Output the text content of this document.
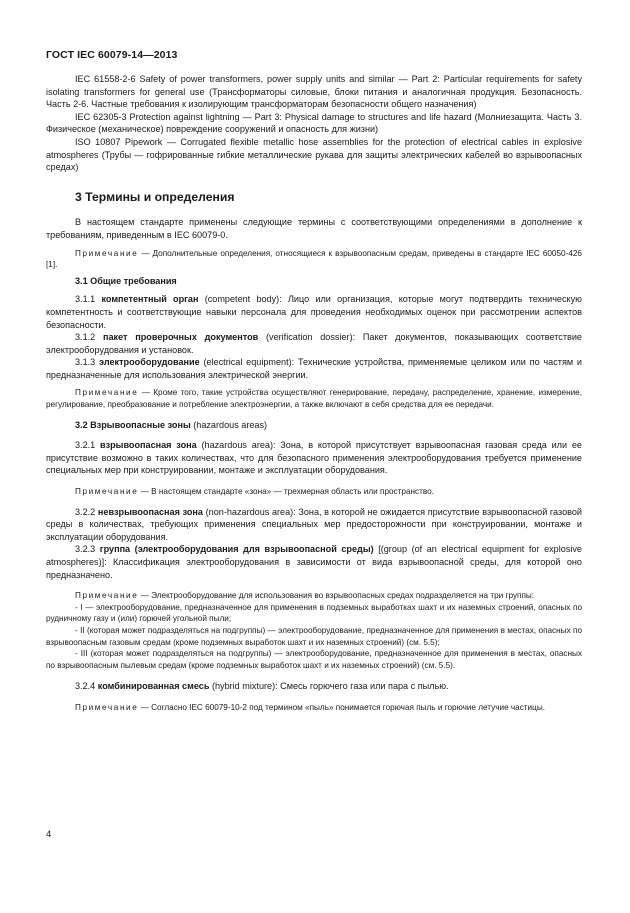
ГОСТ IEC 60079-14—2013

IEC 61558-2-6 Safety of power transformers, power supply units and similar — Part 2: Particular requirements for safety isolating transformers for general use (Трансформаторы силовые, блоки питания и аналогичная продукция. Безопасность. Часть 2-6. Частные требования к изолирующим трансформаторам безопасности общего назначения)

IEC 62305-3 Protection against lightning — Part 3: Physical damage to structures and life hazard (Молниезащита. Часть 3. Физическое (механическое) повреждение сооружений и опасность для жизни)

ISO 10807 Pipework — Corrugated flexible metallic hose assemblies for the protection of electrical cables in explosive atmospheres (Трубы — гофрированные гибкие металлические рукава для защиты электрических кабелей во взрывоопасных средах)

3 Термины и определения

В настоящем стандарте применены следующие термины с соответствующими определениями в дополнение к требованиям, приведенным в IEC 60079-0.

Примечание — Дополнительные определения, относящиеся к взрывоопасным средам, приведены в стандарте IEC 60050-426 [1].

3.1 Общие требования

3.1.1 компетентный орган (competent body): Лицо или организация, которые могут подтвердить техническую компетентность и соответствующие навыки персонала для проведения необходимых оценок при рассмотрении аспектов безопасности.

3.1.2 пакет проверочных документов (verification dossier): Пакет документов, показывающих соответствие электрооборудования и установок.

3.1.3 электрооборудование (electrical equipment): Технические устройства, применяемые целиком или по частям и предназначенные для использования электрической энергии.

Примечание — Кроме того, такие устройства осуществляют генерирование, передачу, распределение, хранение, измерение, регулирование, преобразование и потребление электроэнергии, а также включают в себя средства для ее передачи.

3.2 Взрывоопасные зоны (hazardous areas)

3.2.1 взрывоопасная зона (hazardous area): Зона, в которой присутствует взрывоопасная газовая среда или ее присутствие возможно в таких количествах, что для безопасного применения электрооборудования требуется применение специальных мер при конструировании, монтаже и эксплуатации оборудования.

Примечание — В настоящем стандарте «зона» — трехмерная область или пространство.

3.2.2 невзрывоопасная зона (non-hazardous area): Зона, в которой не ожидается присутствие взрывоопасной газовой среды в количествах, требующих применения специальных мер предосторожности при конструировании, монтаже и эксплуатации оборудования.

3.2.3 группа (электрооборудования для взрывоопасной среды) [(group (of an electrical equipment for explosive atmospheres)]: Классификация электрооборудования в зависимости от вида взрывоопасной среды, для которой оно предназначено.

Примечание — Электрооборудование для использования во взрывоопасных средах подразделяется на три группы:

- I — электрооборудование, предназначенное для применения в подземных выработках шахт и их наземных строений, опасных по рудничному газу и (или) горючей угольной пыли;

- II (которая может подразделяться на подгруппы) — электрооборудование, предназначенное для применения в местах, опасных по взрывоопасным газовым средам (кроме подземных выработок шахт и их наземных строений) (см. 5.5);

- III (которая может подразделяться на подгруппы) — электрооборудование, предназначенное для применения в местах, опасных по взрывоопасным пылевым средам (кроме подземных выработок шахт и их наземных строений) (см. 5.5).

3.2.4 комбинированная смесь (hybrid mixture): Смесь горючего газа или пара с пылью.

Примечание — Согласно IEC 60079-10-2 под термином «пыль» понимается горючая пыль и горючие летучие частицы.

4
